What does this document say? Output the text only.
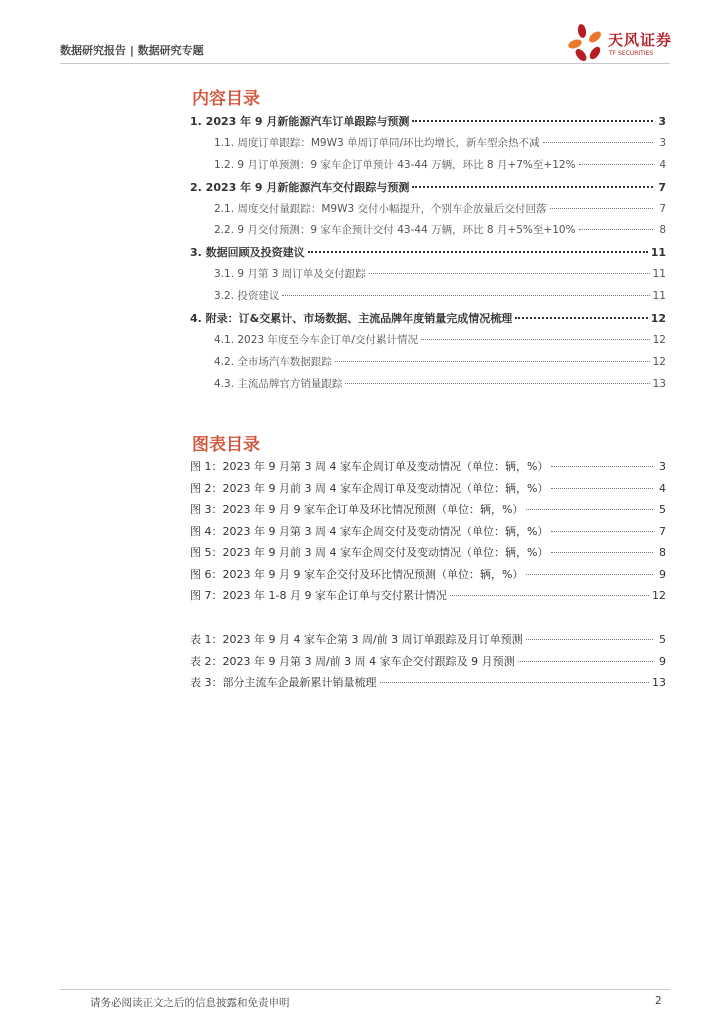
数据研究报告 | 数据研究专题
天风证券
TF SECURITIES
内容目录
1. 2023 年 9 月新能源汽车订单跟踪与预测	3
1.1. 周度订单跟踪：M9W3 单周订单同/环比均增长，新车型余热不减	3
1.2. 9 月订单预测：9 家车企订单预计 43-44 万辆，环比 8 月+7%至+12%	4
2. 2023 年 9 月新能源汽车交付跟踪与预测	7
2.1. 周度交付量跟踪：M9W3 交付小幅提升，个别车企放量后交付回落	7
2.2. 9 月交付预测：9 家车企预计交付 43-44 万辆，环比 8 月+5%至+10%	8
3. 数据回顾及投资建议	11
3.1. 9 月第 3 周订单及交付跟踪	11
3.2. 投资建议	11
4. 附录：订&交累计、市场数据、主流品牌年度销量完成情况梳理	12
4.1. 2023 年度至今车企订单/交付累计情况	12
4.2. 全市场汽车数据跟踪	12
4.3. 主流品牌官方销量跟踪	13
图表目录
图 1：2023 年 9 月第 3 周 4 家车企周订单及变动情况（单位：辆，%）	3
图 2：2023 年 9 月前 3 周 4 家车企周订单及变动情况（单位：辆，%）	4
图 3：2023 年 9 月 9 家车企订单及环比情况预测（单位：辆，%）	5
图 4：2023 年 9 月第 3 周 4 家车企周交付及变动情况（单位：辆，%）	7
图 5：2023 年 9 月前 3 周 4 家车企周交付及变动情况（单位：辆，%）	8
图 6：2023 年 9 月 9 家车企交付及环比情况预测（单位：辆，%）	9
图 7：2023 年 1-8 月 9 家车企订单与交付累计情况	12
表 1：2023 年 9 月 4 家车企第 3 周/前 3 周订单跟踪及月订单预测	5
表 2：2023 年 9 月第 3 周/前 3 周 4 家车企交付跟踪及 9 月预测	9
表 3：部分主流车企最新累计销量梳理	13
请务必阅读正文之后的信息披露和免责申明	2
